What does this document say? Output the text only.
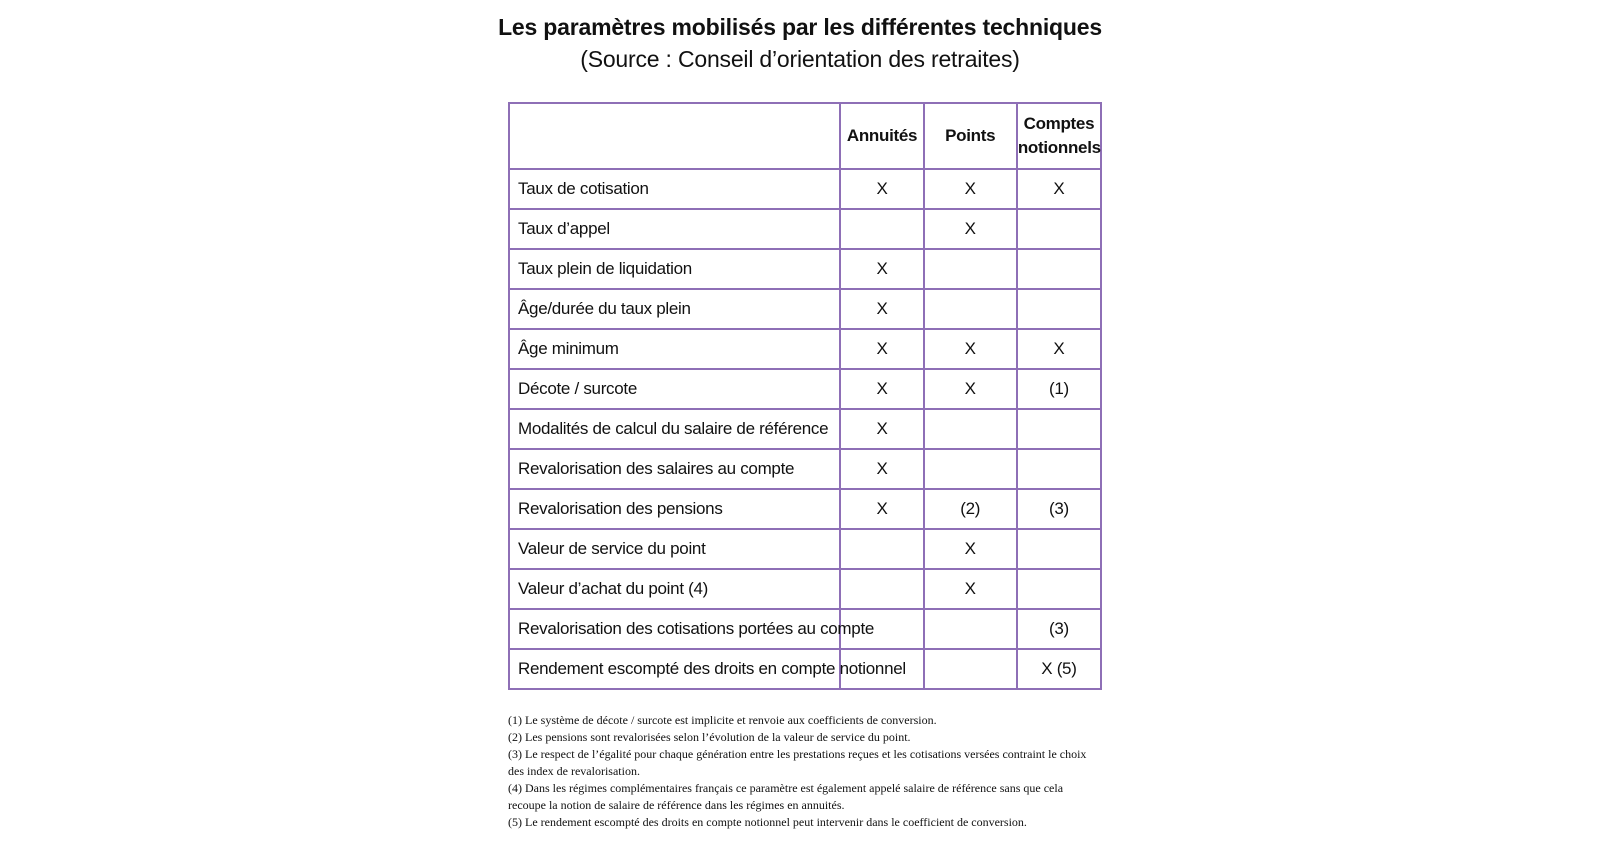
Les paramètres mobilisés par les différentes techniques
(Source : Conseil d’orientation des retraites)
	Annuités	Points	Comptes notionnels
Taux de cotisation	X	X	X
Taux d’appel		X	
Taux plein de liquidation	X		
Âge/durée du taux plein	X		
Âge minimum	X	X	X
Décote / surcote	X	X	(1)
Modalités de calcul du salaire de référence	X		
Revalorisation des salaires au compte	X		
Revalorisation des pensions	X	(2)	(3)
Valeur de service du point		X	
Valeur d’achat du point (4)		X	
Revalorisation des cotisations portées au compte			(3)
Rendement escompté des droits en compte notionnel			X (5)

(1) Le système de décote / surcote est implicite et renvoie aux coefficients de conversion.

(2) Les pensions sont revalorisées selon l’évolution de la valeur de service du point.

(3) Le respect de l’égalité pour chaque génération entre les prestations reçues et les cotisations versées contraint le choix des index de revalorisation.

(4) Dans les régimes complémentaires français ce paramètre est également appelé salaire de référence sans que cela recoupe la notion de salaire de référence dans les régimes en annuités.

(5) Le rendement escompté des droits en compte notionnel peut intervenir dans le coefficient de conversion.
